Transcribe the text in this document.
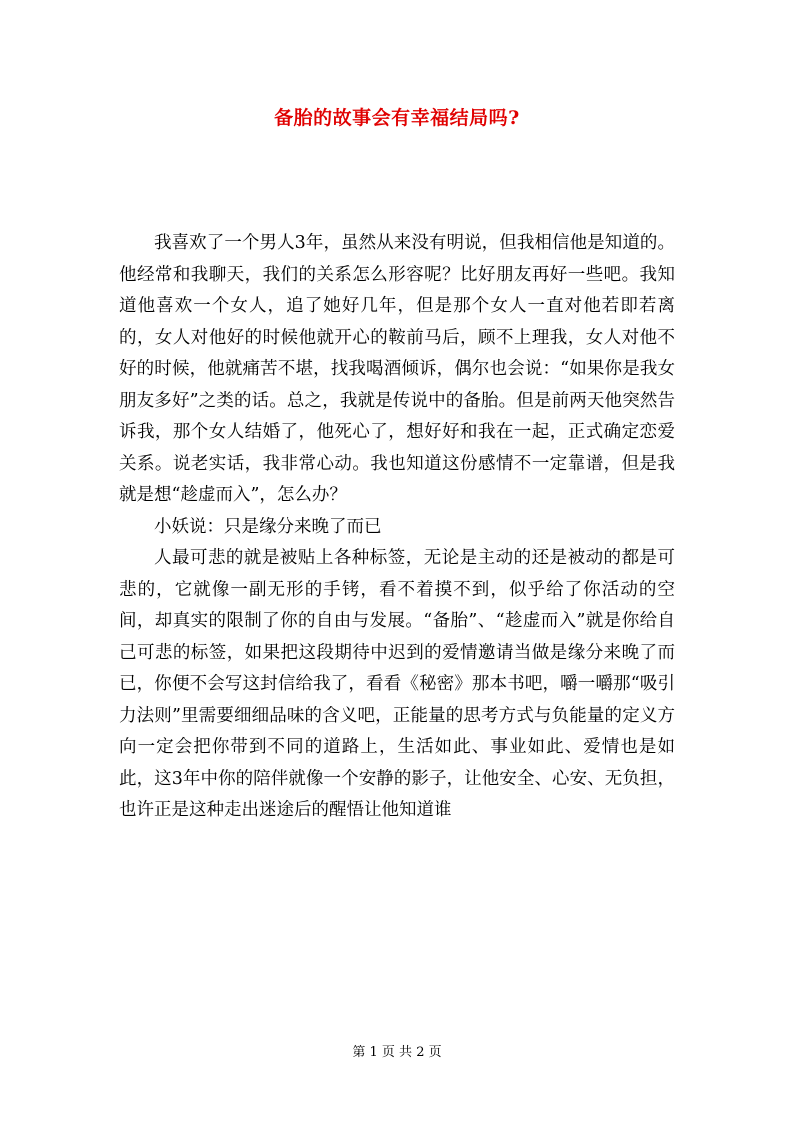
备胎的故事会有幸福结局吗?

我喜欢了一个男人3年，虽然从来没有明说，但我相信他是知道的。他经常和我聊天，我们的关系怎么形容呢？比好朋友再好一些吧。我知道他喜欢一个女人，追了她好几年，但是那个女人一直对他若即若离的，女人对他好的时候他就开心的鞍前马后，顾不上理我，女人对他不好的时候，他就痛苦不堪，找我喝酒倾诉，偶尔也会说：“如果你是我女朋友多好”之类的话。总之，我就是传说中的备胎。但是前两天他突然告诉我，那个女人结婚了，他死心了，想好好和我在一起，正式确定恋爱关系。说老实话，我非常心动。我也知道这份感情不一定靠谱，但是我就是想“趁虚而入”，怎么办？

小妖说：只是缘分来晚了而已

人最可悲的就是被贴上各种标签，无论是主动的还是被动的都是可悲的，它就像一副无形的手铐，看不着摸不到，似乎给了你活动的空间，却真实的限制了你的自由与发展。“备胎”、“趁虚而入”就是你给自己可悲的标签，如果把这段期待中迟到的爱情邀请当做是缘分来晚了而已，你便不会写这封信给我了，看看《秘密》那本书吧，嚼一嚼那“吸引力法则”里需要细细品味的含义吧，正能量的思考方式与负能量的定义方向一定会把你带到不同的道路上，生活如此、事业如此、爱情也是如此，这3年中你的陪伴就像一个安静的影子，让他安全、心安、无负担，也许正是这种走出迷途后的醒悟让他知道谁

第 1 页 共 2 页
